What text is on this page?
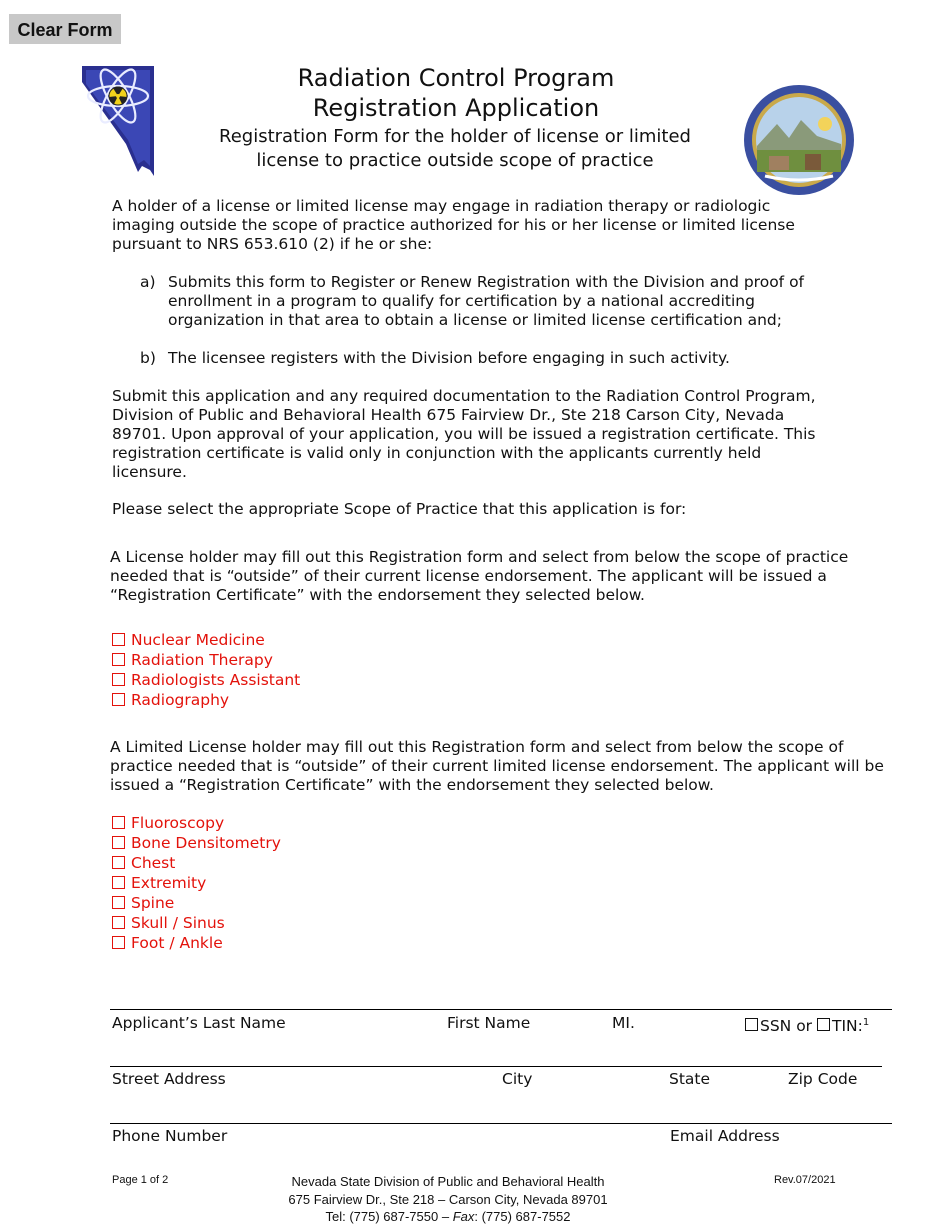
Clear Form
Radiation Control Program
Registration Application
Registration Form for the holder of license or limited
license to practice outside scope of practice
A holder of a license or limited license may engage in radiation therapy or radiologic
imaging outside the scope of practice authorized for his or her license or limited license
pursuant to NRS 653.610 (2) if he or she:
a) Submits this form to Register or Renew Registration with the Division and proof of
enrollment in a program to qualify for certification by a national accrediting
organization in that area to obtain a license or limited license certification and;
b) The licensee registers with the Division before engaging in such activity.
Submit this application and any required documentation to the Radiation Control Program,
Division of Public and Behavioral Health 675 Fairview Dr., Ste 218 Carson City, Nevada
89701. Upon approval of your application, you will be issued a registration certificate. This
registration certificate is valid only in conjunction with the applicants currently held
licensure.
Please select the appropriate Scope of Practice that this application is for:
A License holder may fill out this Registration form and select from below the scope of practice
needed that is “outside” of their current license endorsement. The applicant will be issued a
“Registration Certificate” with the endorsement they selected below.
Nuclear Medicine
Radiation Therapy
Radiologists Assistant
Radiography
A Limited License holder may fill out this Registration form and select from below the scope of
practice needed that is “outside” of their current limited license endorsement. The applicant will be
issued a “Registration Certificate” with the endorsement they selected below.
Fluoroscopy
Bone Densitometry
Chest
Extremity
Spine
Skull / Sinus
Foot / Ankle
Applicant’s Last Name	First Name	MI.	SSN or TIN:$^1$
Street Address	City	State	Zip Code
Phone Number	Email Address
Page 1 of 2	Rev.07/2021
Nevada State Division of Public and Behavioral Health
675 Fairview Dr., Ste 218 – Carson City, Nevada 89701
Tel: (775) 687-7550 – Fax: (775) 687-7552
